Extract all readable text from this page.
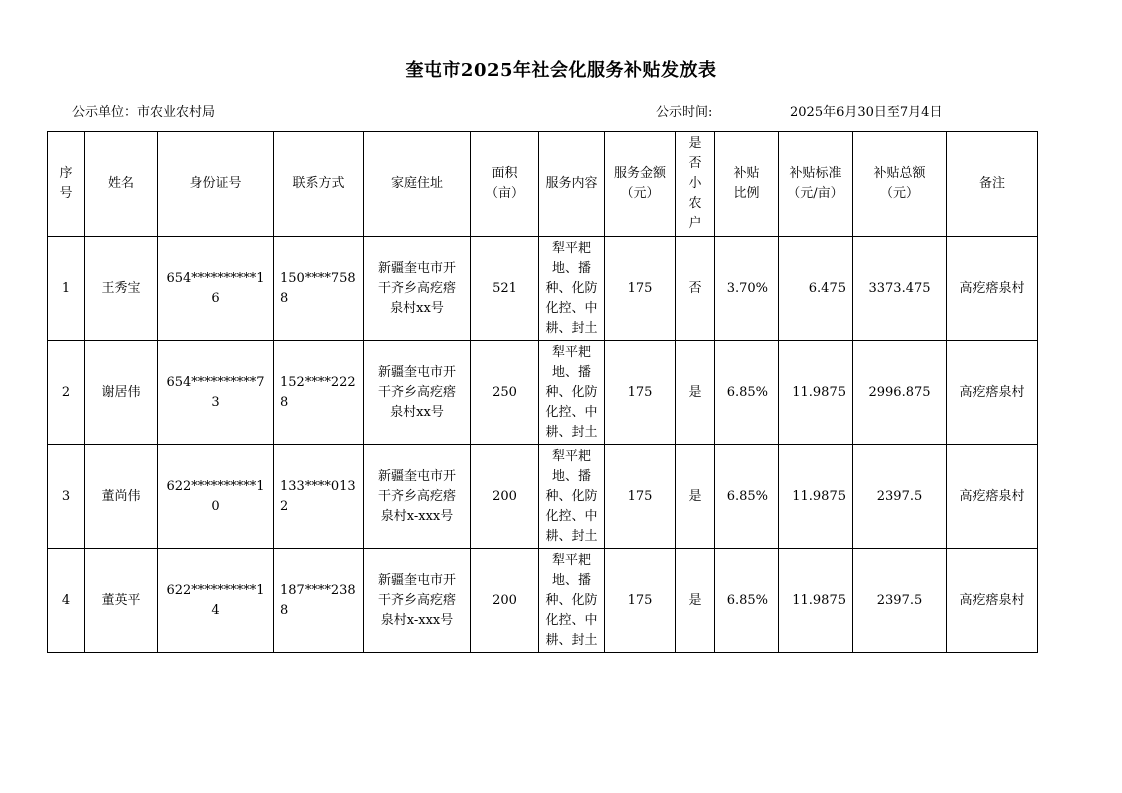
奎屯市2025年社会化服务补贴发放表
公示单位：市农业农村局	公示时间:	2025年6月30日至7月4日
序号	姓名	身份证号	联系方式	家庭住址	面积（亩）	服务内容	服务金额（元）	是否小农户	补贴比例	补贴标准（元/亩）	补贴总额（元）	备注
1	王秀宝	654**********16	150****7588	新疆奎屯市开干齐乡高疙瘩泉村xx号	521	犁平耙地、播种、化防化控、中耕、封土	175	否	3.70%	6.475	3373.475	高疙瘩泉村
2	谢居伟	654**********73	152****2228	新疆奎屯市开干齐乡高疙瘩泉村xx号	250	犁平耙地、播种、化防化控、中耕、封土	175	是	6.85%	11.9875	2996.875	高疙瘩泉村
3	董尚伟	622**********10	133****0132	新疆奎屯市开干齐乡高疙瘩泉村x-xxx号	200	犁平耙地、播种、化防化控、中耕、封土	175	是	6.85%	11.9875	2397.5	高疙瘩泉村
4	董英平	622**********14	187****2388	新疆奎屯市开干齐乡高疙瘩泉村x-xxx号	200	犁平耙地、播种、化防化控、中耕、封土	175	是	6.85%	11.9875	2397.5	高疙瘩泉村
